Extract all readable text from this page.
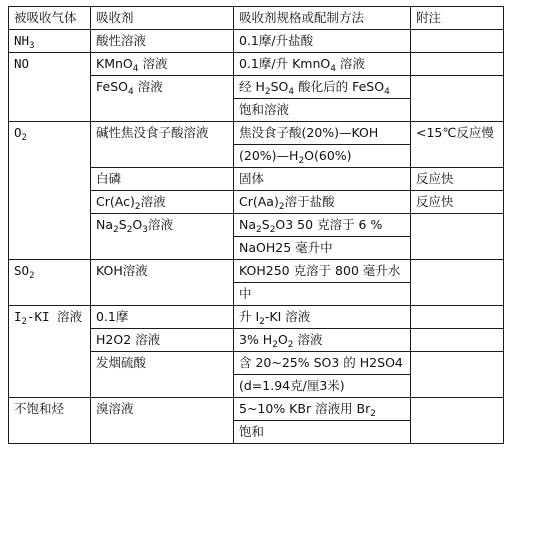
被吸收气体	吸收剂	吸收剂规格或配制方法	附注
$NH_3$	酸性溶液	0.1摩/升盐酸	
NO	KMnO$_4$ 溶液	0.1摩/升 KmnO$_4$ 溶液	
	FeSO$_4$ 溶液	经 $H_2SO_4$ 酸化后的 FeSO$_4$	
		饱和溶液	
$O_2$	碱性焦没食子酸溶液	焦没食子酸(20%)—KOH	<15℃反应慢
		$(20\%)—H_2O(60\%)$	
	白磷	固体	反应快
	$Cr(Ac)_2$溶液	$Cr(Aa)_2$溶于盐酸	反应快
	$Na_2S_2O_3$溶液	$Na_2S_2O3$ 50 克溶于 6 %	
		NaOH25 毫升中	
$SO_2$	KOH溶液	KOH250 克溶于 800 毫升水	
		中	
$I_2-KI$ 溶液	0.1摩	升 $I_2-KI$ 溶液	
	H2O2 溶液	3% $H_2O_2$ 溶液	
	发烟硫酸	含 20~25% SO3 的 H2SO4	
		(d=1.94克/厘3米)	
不饱和烃	溴溶液	5~10% KBr 溶液用 $Br_2$	
		饱和	
